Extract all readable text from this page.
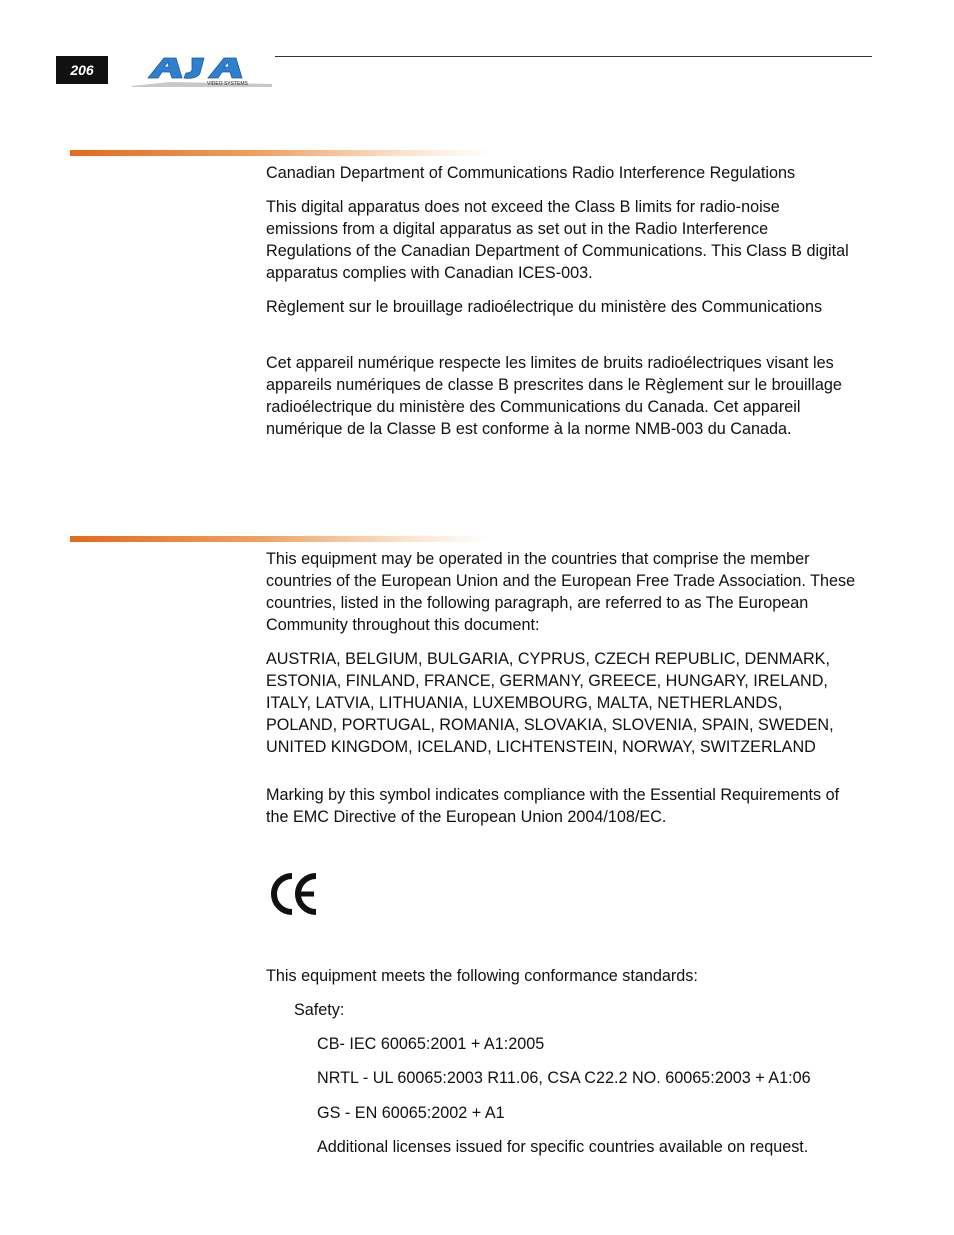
206
VIDEO SYSTEMS

Canadian Department of Communications Radio Interference Regulations

This digital apparatus does not exceed the Class B limits for radio-noise emissions from a digital apparatus as set out in the Radio Interference Regulations of the Canadian Department of Communications. This Class B digital apparatus complies with Canadian ICES-003.

Règlement sur le brouillage radioélectrique du ministère des Communications

Cet appareil numérique respecte les limites de bruits radioélectriques visant les appareils numériques de classe B prescrites dans le Règlement sur le brouillage radioélectrique du ministère des Communications du Canada. Cet appareil numérique de la Classe B est conforme à la norme NMB-003 du Canada.

This equipment may be operated in the countries that comprise the member countries of the European Union and the European Free Trade Association. These countries, listed in the following paragraph, are referred to as The European Community throughout this document:

AUSTRIA, BELGIUM, BULGARIA, CYPRUS, CZECH REPUBLIC, DENMARK, ESTONIA, FINLAND, FRANCE, GERMANY, GREECE, HUNGARY, IRELAND, ITALY, LATVIA, LITHUANIA, LUXEMBOURG, MALTA, NETHERLANDS, POLAND, PORTUGAL, ROMANIA, SLOVAKIA, SLOVENIA, SPAIN, SWEDEN, UNITED KINGDOM, ICELAND, LICHTENSTEIN, NORWAY, SWITZERLAND

Marking by this symbol indicates compliance with the Essential Requirements of the EMC Directive of the European Union 2004/108/EC.

This equipment meets the following conformance standards:

Safety:

CB- IEC 60065:2001 + A1:2005

NRTL - UL 60065:2003 R11.06, CSA C22.2 NO. 60065:2003 + A1:06

GS - EN 60065:2002 + A1

Additional licenses issued for specific countries available on request.
